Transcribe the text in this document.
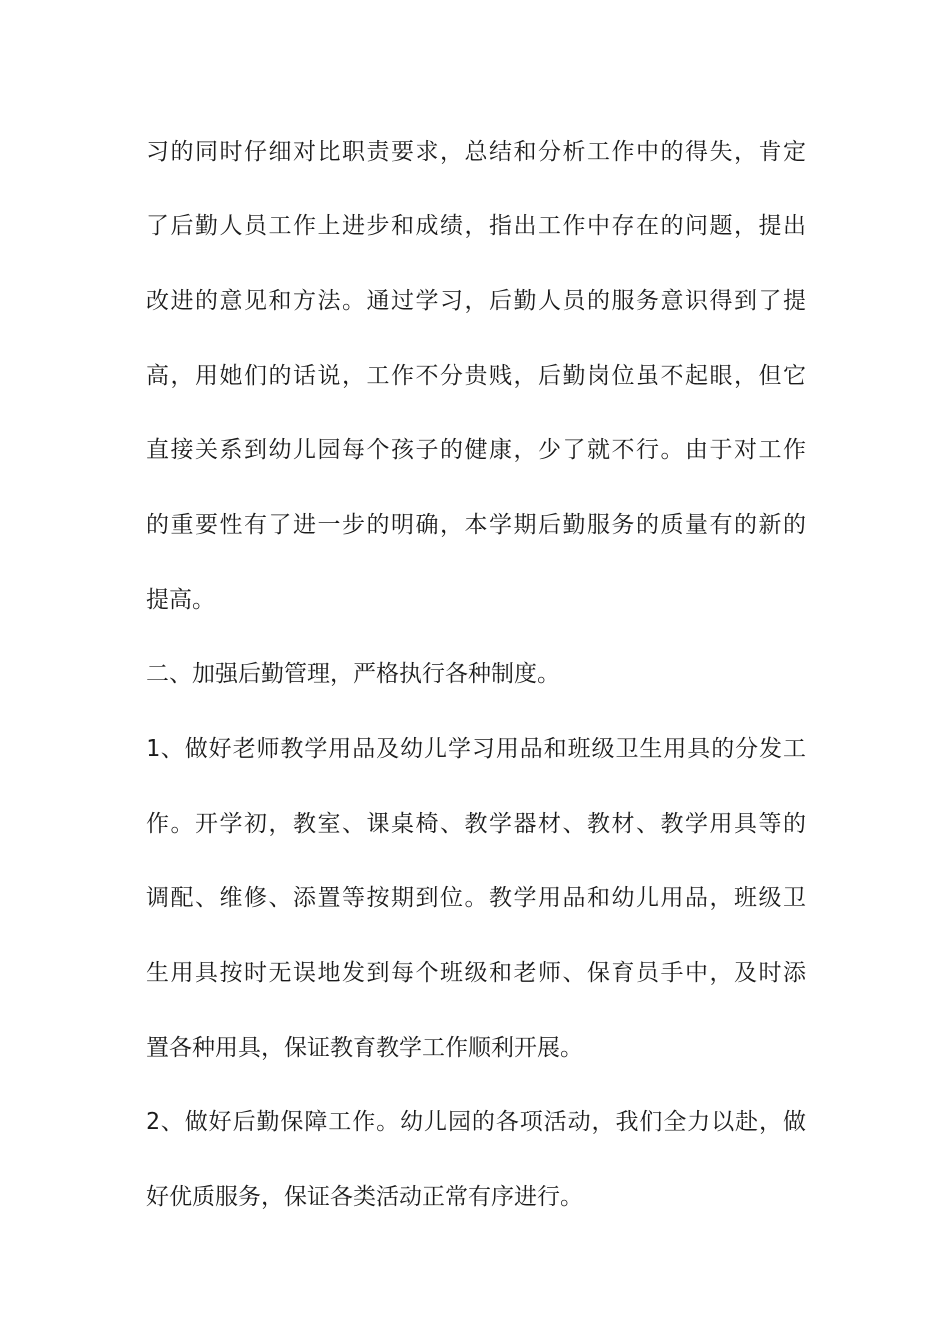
习的同时仔细对比职责要求，总结和分析工作中的得失，肯定
了后勤人员工作上进步和成绩，指出工作中存在的问题，提出
改进的意见和方法。通过学习，后勤人员的服务意识得到了提
高，用她们的话说，工作不分贵贱，后勤岗位虽不起眼，但它
直接关系到幼儿园每个孩子的健康，少了就不行。由于对工作
的重要性有了进一步的明确，本学期后勤服务的质量有的新的
提高。
二、加强后勤管理，严格执行各种制度。
1、做好老师教学用品及幼儿学习用品和班级卫生用具的分发工
作。开学初，教室、课桌椅、教学器材、教材、教学用具等的
调配、维修、添置等按期到位。教学用品和幼儿用品，班级卫
生用具按时无误地发到每个班级和老师、保育员手中，及时添
置各种用具，保证教育教学工作顺利开展。
2、做好后勤保障工作。幼儿园的各项活动，我们全力以赴，做
好优质服务，保证各类活动正常有序进行。
